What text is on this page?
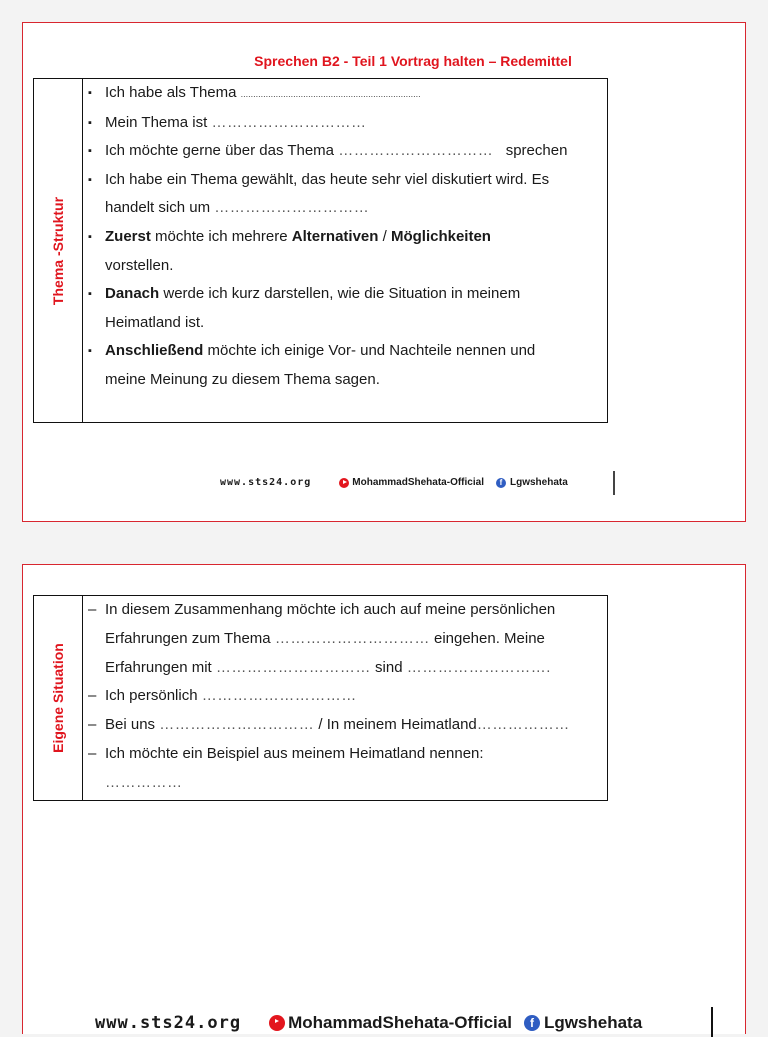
Sprechen B2 - Teil 1 Vortrag halten – Redemittel
Thema -Struktur
▪ Ich habe als Thema ........................................................................
▪ Mein Thema ist …………………………
▪ Ich möchte gerne über das Thema …………………………   sprechen
▪ Ich habe ein Thema gewählt, das heute sehr viel diskutiert wird. Es
handelt sich um …………………………
▪ Zuerst möchte ich mehrere Alternativen / Möglichkeiten
vorstellen.
▪ Danach werde ich kurz darstellen, wie die Situation in meinem
Heimatland ist.
▪ Anschließend möchte ich einige Vor- und Nachteile nennen und
meine Meinung zu diesem Thema sagen.
www.sts24.org	MohammadShehata-Official	f Lgwshehata
Eigene Situation
– In diesem Zusammenhang möchte ich auch auf meine persönlichen
Erfahrungen zum Thema ………………………… eingehen. Meine
Erfahrungen mit ………………………… sind ……………………….
– Ich persönlich …………………………
– Bei uns ………………………… / In meinem Heimatland………………
– Ich möchte ein Beispiel aus meinem Heimatland nennen:
……………
www.sts24.org	MohammadShehata-Official	f Lgwshehata
